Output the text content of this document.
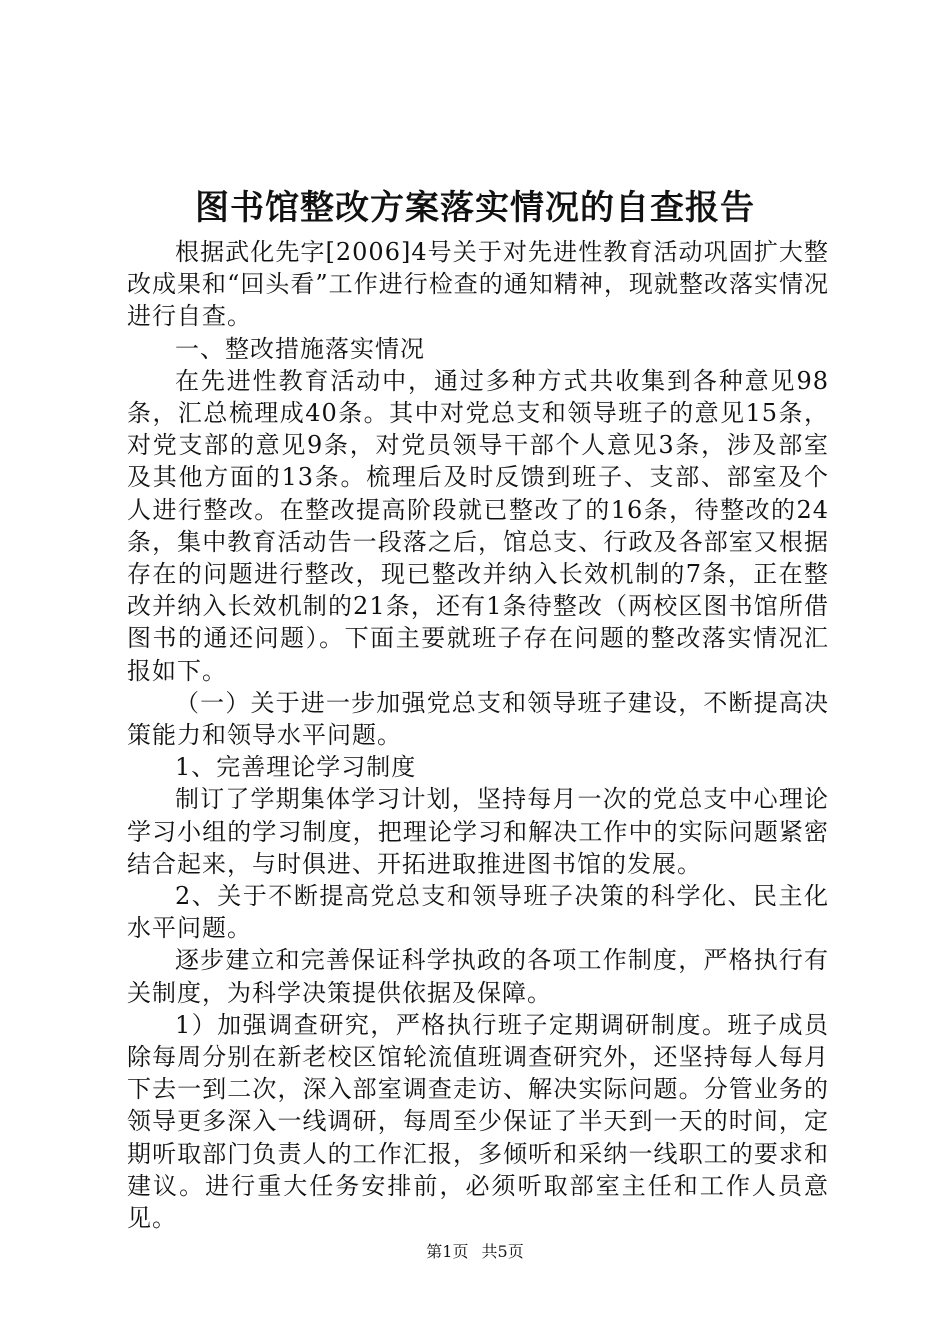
图书馆整改方案落实情况的自查报告

根据武化先字[2006]4号关于对先进性教育活动巩固扩大整改成果和“回头看”工作进行检查的通知精神，现就整改落实情况进行自查。

一、整改措施落实情况

在先进性教育活动中，通过多种方式共收集到各种意见98条，汇总梳理成40条。其中对党总支和领导班子的意见15条，对党支部的意见9条，对党员领导干部个人意见3条，涉及部室及其他方面的13条。梳理后及时反馈到班子、支部、部室及个人进行整改。在整改提高阶段就已整改了的16条，待整改的24条，集中教育活动告一段落之后，馆总支、行政及各部室又根据存在的问题进行整改，现已整改并纳入长效机制的7条，正在整改并纳入长效机制的21条，还有1条待整改（两校区图书馆所借图书的通还问题）。下面主要就班子存在问题的整改落实情况汇报如下。

（一）关于进一步加强党总支和领导班子建设，不断提高决策能力和领导水平问题。

1、完善理论学习制度

制订了学期集体学习计划，坚持每月一次的党总支中心理论学习小组的学习制度，把理论学习和解决工作中的实际问题紧密结合起来，与时俱进、开拓进取推进图书馆的发展。

2、关于不断提高党总支和领导班子决策的科学化、民主化水平问题。

逐步建立和完善保证科学执政的各项工作制度，严格执行有关制度，为科学决策提供依据及保障。

1）加强调查研究，严格执行班子定期调研制度。班子成员除每周分别在新老校区馆轮流值班调查研究外，还坚持每人每月下去一到二次，深入部室调查走访、解决实际问题。分管业务的领导更多深入一线调研，每周至少保证了半天到一天的时间，定期听取部门负责人的工作汇报，多倾听和采纳一线职工的要求和建议。进行重大任务安排前，必须听取部室主任和工作人员意见。

第1页 共5页
